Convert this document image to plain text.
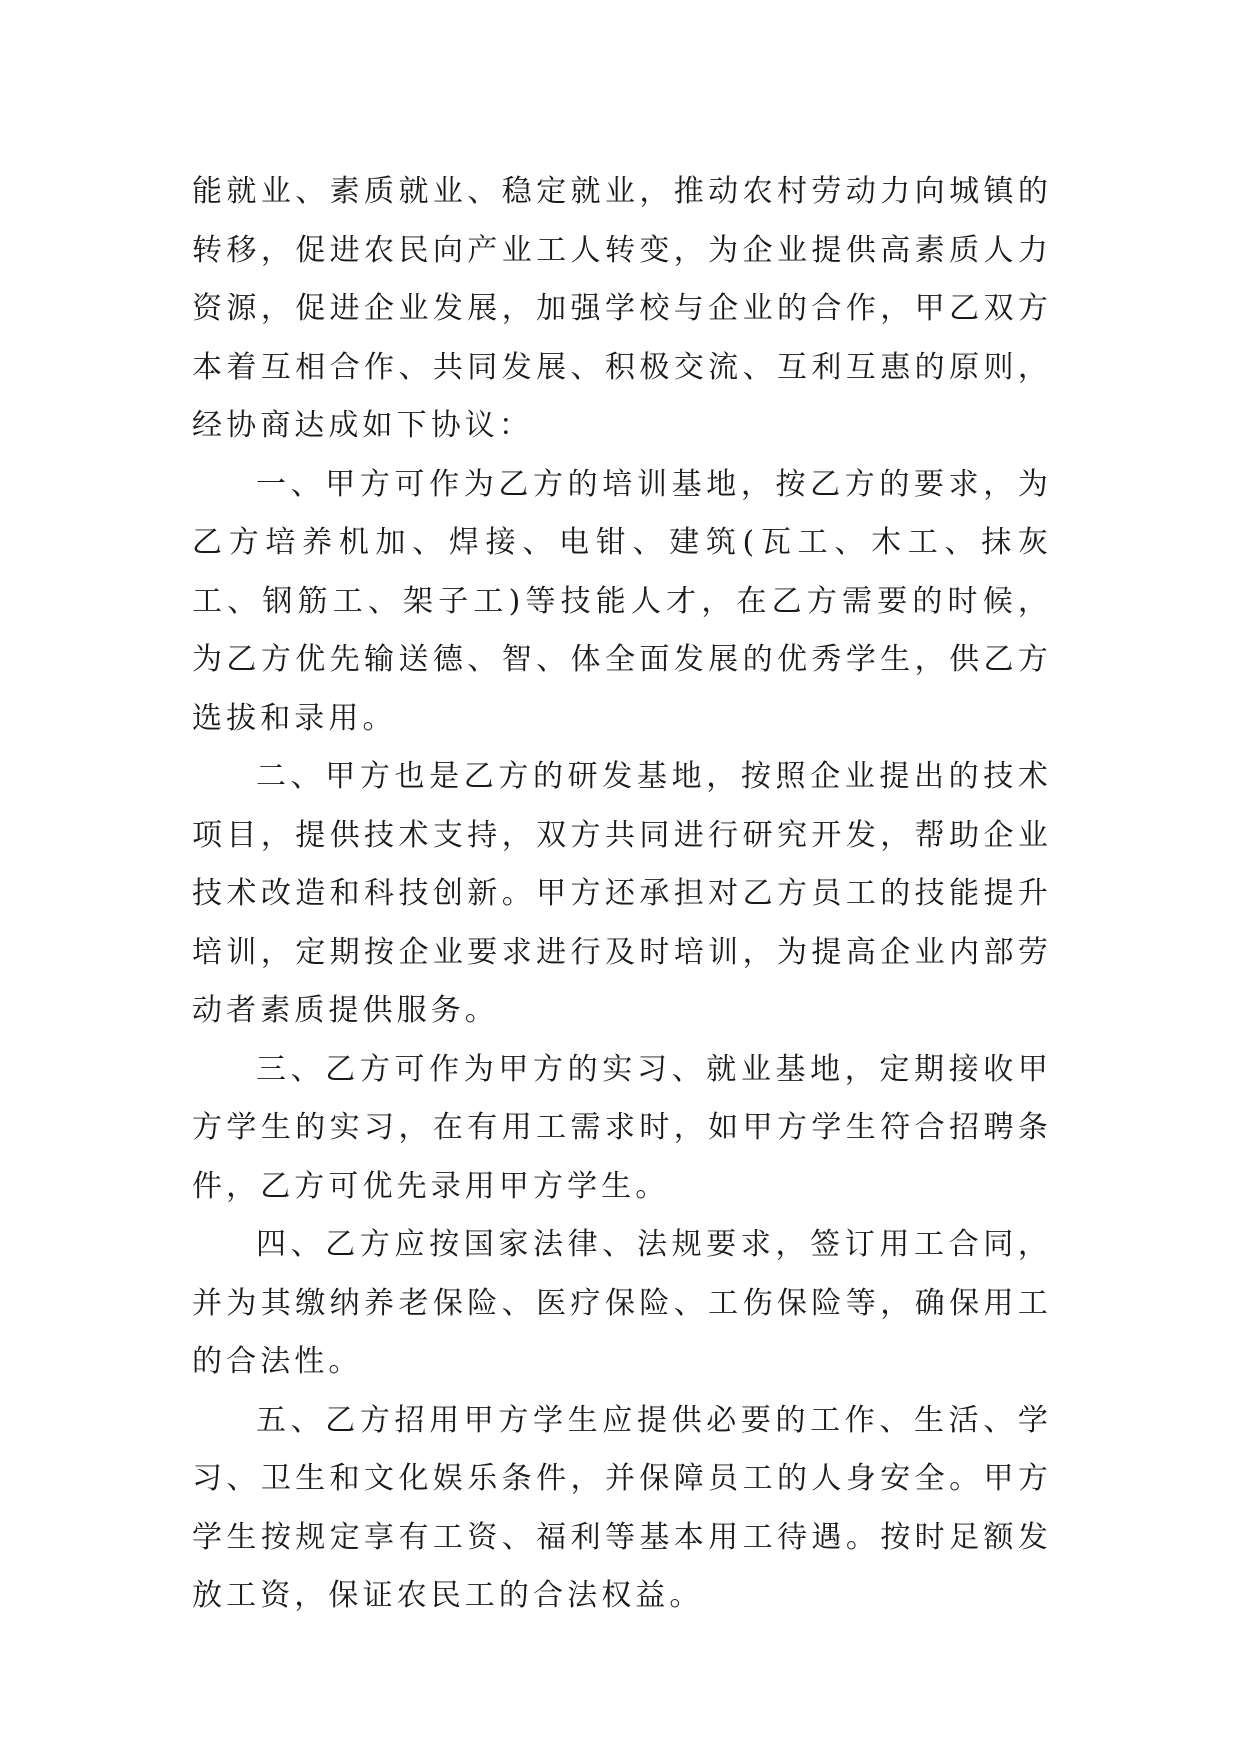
能就业、素质就业、稳定就业，推动农村劳动力向城镇的转移，促进农民向产业工人转变，为企业提供高素质人力资源，促进企业发展，加强学校与企业的合作，甲乙双方本着互相合作、共同发展、积极交流、互利互惠的原则，经协商达成如下协议：

一、甲方可作为乙方的培训基地，按乙方的要求，为乙方培养机加、焊接、电钳、建筑(瓦工、木工、抹灰工、钢筋工、架子工)等技能人才，在乙方需要的时候，为乙方优先输送德、智、体全面发展的优秀学生，供乙方选拔和录用。

二、甲方也是乙方的研发基地，按照企业提出的技术项目，提供技术支持，双方共同进行研究开发，帮助企业技术改造和科技创新。甲方还承担对乙方员工的技能提升培训，定期按企业要求进行及时培训，为提高企业内部劳动者素质提供服务。

三、乙方可作为甲方的实习、就业基地，定期接收甲方学生的实习，在有用工需求时，如甲方学生符合招聘条件，乙方可优先录用甲方学生。

四、乙方应按国家法律、法规要求，签订用工合同，并为其缴纳养老保险、医疗保险、工伤保险等，确保用工的合法性。

五、乙方招用甲方学生应提供必要的工作、生活、学习、卫生和文化娱乐条件，并保障员工的人身安全。甲方学生按规定享有工资、福利等基本用工待遇。按时足额发放工资，保证农民工的合法权益。
